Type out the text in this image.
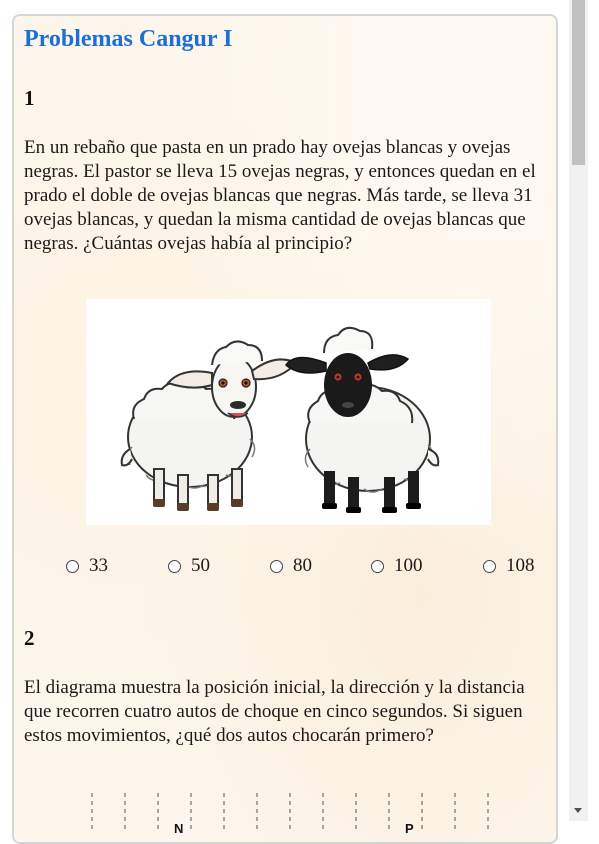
Problemas Cangur I
1

En un rebaño que pasta en un prado hay ovejas blancas y ovejas negras. El pastor se lleva 15 ovejas negras, y entonces quedan en el prado el doble de ovejas blancas que negras. Más tarde, se lleva 31 ovejas blancas, y quedan la misma cantidad de ovejas blancas que negras. ¿Cuántas ovejas había al principio?

33	50	80	100	108
2

El diagrama muestra la posición inicial, la dirección y la distancia que recorren cuatro autos de choque en cinco segundos. Si siguen estos movimientos, ¿qué dos autos chocarán primero?

N	P
